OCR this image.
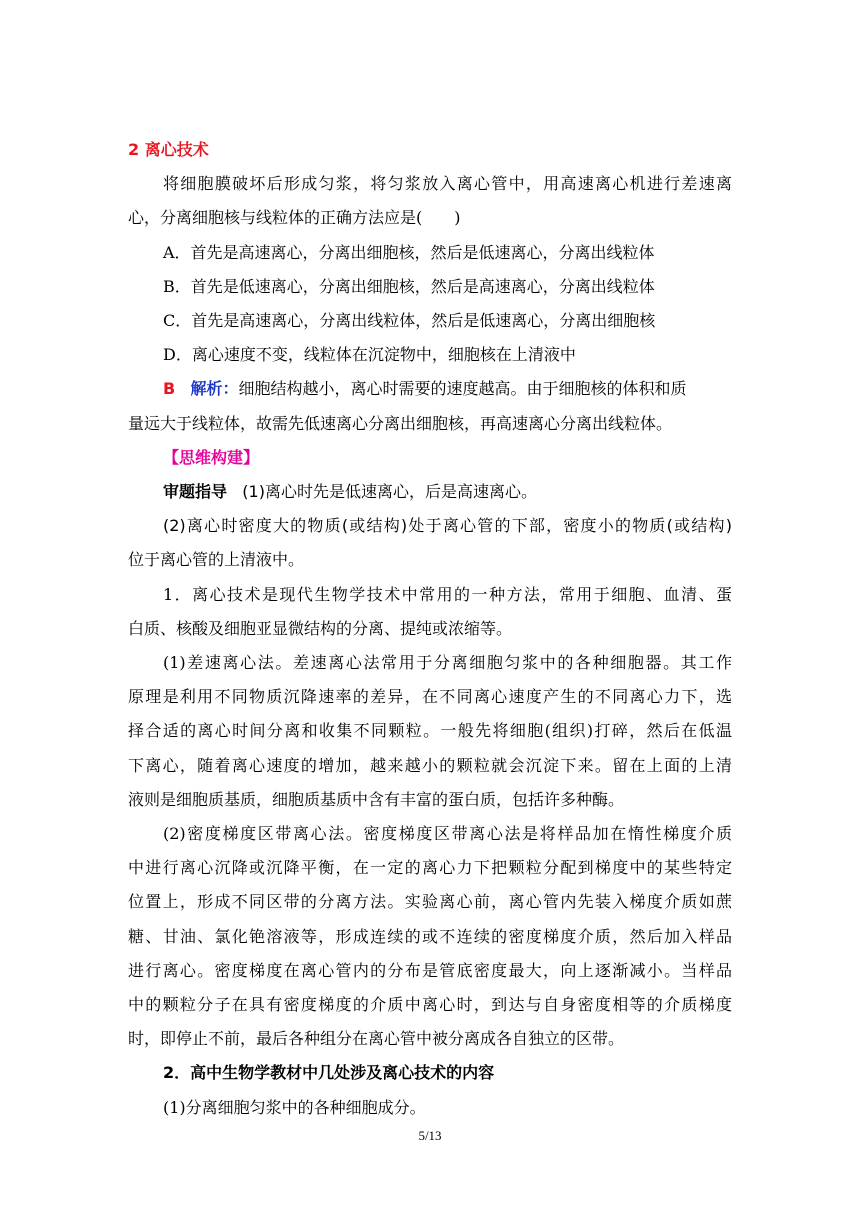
2 离心技术
将细胞膜破坏后形成匀浆，将匀浆放入离心管中，用高速离心机进行差速离
心，分离细胞核与线粒体的正确方法应是(　　)
A．首先是高速离心，分离出细胞核，然后是低速离心，分离出线粒体
B．首先是低速离心，分离出细胞核，然后是高速离心，分离出线粒体
C．首先是高速离心，分离出线粒体，然后是低速离心，分离出细胞核
D．离心速度不变，线粒体在沉淀物中，细胞核在上清液中
B 解析：细胞结构越小，离心时需要的速度越高。由于细胞核的体积和质
量远大于线粒体，故需先低速离心分离出细胞核，再高速离心分离出线粒体。
【思维构建】
审题指导 (1)离心时先是低速离心，后是高速离心。
(2)离心时密度大的物质(或结构)处于离心管的下部，密度小的物质(或结构)
位于离心管的上清液中。
1．离心技术是现代生物学技术中常用的一种方法，常用于细胞、血清、蛋
白质、核酸及细胞亚显微结构的分离、提纯或浓缩等。
(1)差速离心法。差速离心法常用于分离细胞匀浆中的各种细胞器。其工作
原理是利用不同物质沉降速率的差异，在不同离心速度产生的不同离心力下，选
择合适的离心时间分离和收集不同颗粒。一般先将细胞(组织)打碎，然后在低温
下离心，随着离心速度的增加，越来越小的颗粒就会沉淀下来。留在上面的上清
液则是细胞质基质，细胞质基质中含有丰富的蛋白质，包括许多种酶。
(2)密度梯度区带离心法。密度梯度区带离心法是将样品加在惰性梯度介质
中进行离心沉降或沉降平衡，在一定的离心力下把颗粒分配到梯度中的某些特定
位置上，形成不同区带的分离方法。实验离心前，离心管内先装入梯度介质如蔗
糖、甘油、氯化铯溶液等，形成连续的或不连续的密度梯度介质，然后加入样品
进行离心。密度梯度在离心管内的分布是管底密度最大，向上逐渐减小。当样品
中的颗粒分子在具有密度梯度的介质中离心时，到达与自身密度相等的介质梯度
时，即停止不前，最后各种组分在离心管中被分离成各自独立的区带。
2．高中生物学教材中几处涉及离心技术的内容
(1)分离细胞匀浆中的各种细胞成分。
5/13
